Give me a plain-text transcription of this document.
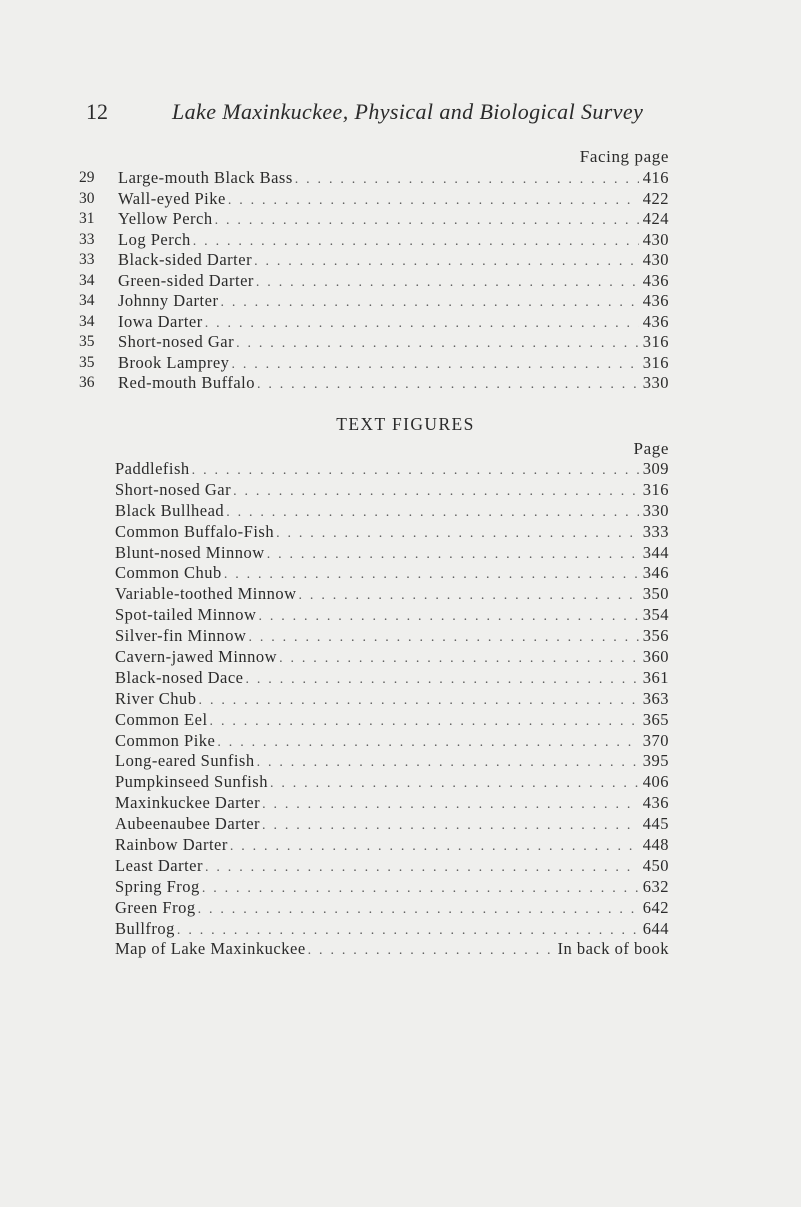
12	Lake Maxinkuckee, Physical and Biological Survey
Facing page
29	Large-mouth Black Bass . . .	416
30	Wall-eyed Pike . . .	422
31	Yellow Perch . . .	424
33	Log Perch . . .	430
33	Black-sided Darter . . .	430
34	Green-sided Darter . . .	436
34	Johnny Darter . . .	436
34	Iowa Darter . . .	436
35	Short-nosed Gar . . .	316
35	Brook Lamprey . . .	316
36	Red-mouth Buffalo . . .	330
TEXT FIGURES
Page
Paddlefish . . .	309
Short-nosed Gar . . .	316
Black Bullhead . . .	330
Common Buffalo-Fish . . .	333
Blunt-nosed Minnow . . .	344
Common Chub . . .	346
Variable-toothed Minnow . . .	350
Spot-tailed Minnow . . .	354
Silver-fin Minnow . . .	356
Cavern-jawed Minnow . . .	360
Black-nosed Dace . . .	361
River Chub . . .	363
Common Eel . . .	365
Common Pike . . .	370
Long-eared Sunfish . . .	395
Pumpkinseed Sunfish . . .	406
Maxinkuckee Darter . . .	436
Aubeenaubee Darter . . .	445
Rainbow Darter . . .	448
Least Darter . . .	450
Spring Frog . . .	632
Green Frog . . .	642
Bullfrog . . .	644
Map of Lake Maxinkuckee . . .	In back of book
